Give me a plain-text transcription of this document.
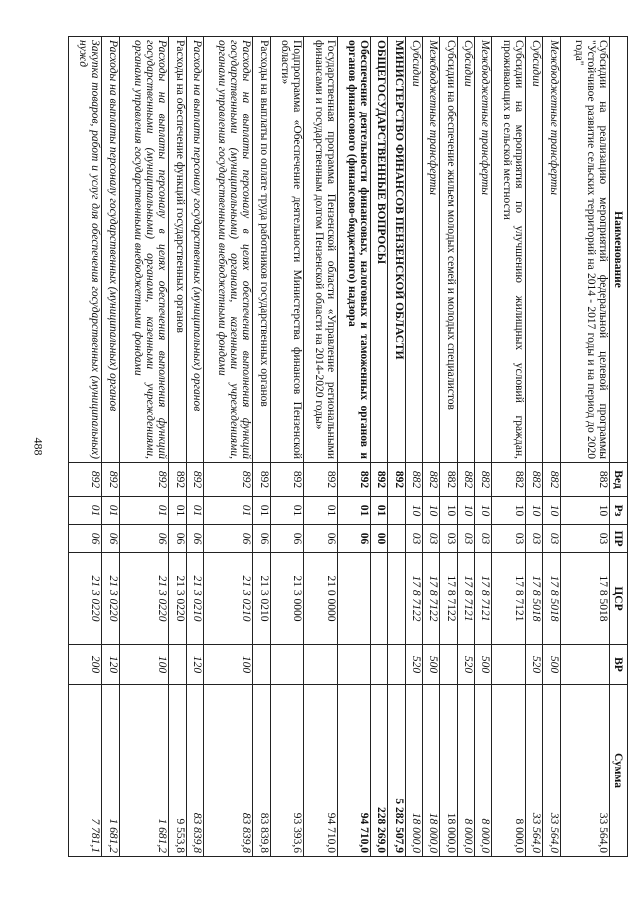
488
Наименование	Вед	Рз	ПР	ЦСР	ВР	Сумма
Субсидии на реализацию мероприятий федеральной целевой программы "Устойчивое развитие сельских территорий на 2014 - 2017 годы и на период до 2020 года"	882	10	03	17 8 5018		33 564,0
Межбюджетные трансферты	882	10	03	17 8 5018	500	33 564,0
Субсидии	882	10	03	17 8 5018	520	33 564,0
Субсидии на мероприятия по улучшению жилищных условий граждан, проживающих в сельской местности	882	10	03	17 8 7121		8 000,0
Межбюджетные трансферты	882	10	03	17 8 7121	500	8 000,0
Субсидии	882	10	03	17 8 7121	520	8 000,0
Субсидии на обеспечение жильем молодых семей и молодых специалистов	882	10	03	17 8 7122		18 000,0
Межбюджетные трансферты	882	10	03	17 8 7122	500	18 000,0
Субсидии	882	10	03	17 8 7122	520	18 000,0
МИНИСТЕРСТВО ФИНАНСОВ ПЕНЗЕНСКОЙ ОБЛАСТИ	892					5 282 507,9
ОБЩЕГОСУДАРСТВЕННЫЕ ВОПРОСЫ	892	01	00			228 269,0
Обеспечение деятельности финансовых, налоговых и таможенных органов и органов финансового (финансово-бюджетного) надзора	892	01	06			94 710,0
Государственная программа Пензенской области «Управление региональными финансами и государственным долгом Пензенской области на 2014-2020 годы»	892	01	06	21 0 0000		94 710,0
Подпрограмма «Обеспечение деятельности Министерства финансов Пензенской области»	892	01	06	21 3 0000		93 393,6
Расходы на выплаты по оплате труда работников государственных органов	892	01	06	21 3 0210		83 839,8
Расходы на выплаты персоналу в целях обеспечения выполнения функций государственными (муниципальными) органами, казенными учреждениями, органами управления государственными внебюджетными фондами	892	01	06	21 3 0210	100	83 839,8
Расходы на выплаты персоналу государственных (муниципальных) органов	892	01	06	21 3 0210	120	83 839,8
Расходы на обеспечение функций государственных органов	892	01	06	21 3 0220		9 553,8
Расходы на выплаты персоналу в целях обеспечения выполнения функций государственными (муниципальными) органами, казенными учреждениями, органами управления государственными внебюджетными фондами	892	01	06	21 3 0220	100	1 681,2
Расходы на выплаты персоналу государственных (муниципальных) органов	892	01	06	21 3 0220	120	1 681,2
Закупка товаров, работ и услуг для обеспечения государственных (муниципальных) нужд	892	01	06	21 3 0220	200	7 781,1
